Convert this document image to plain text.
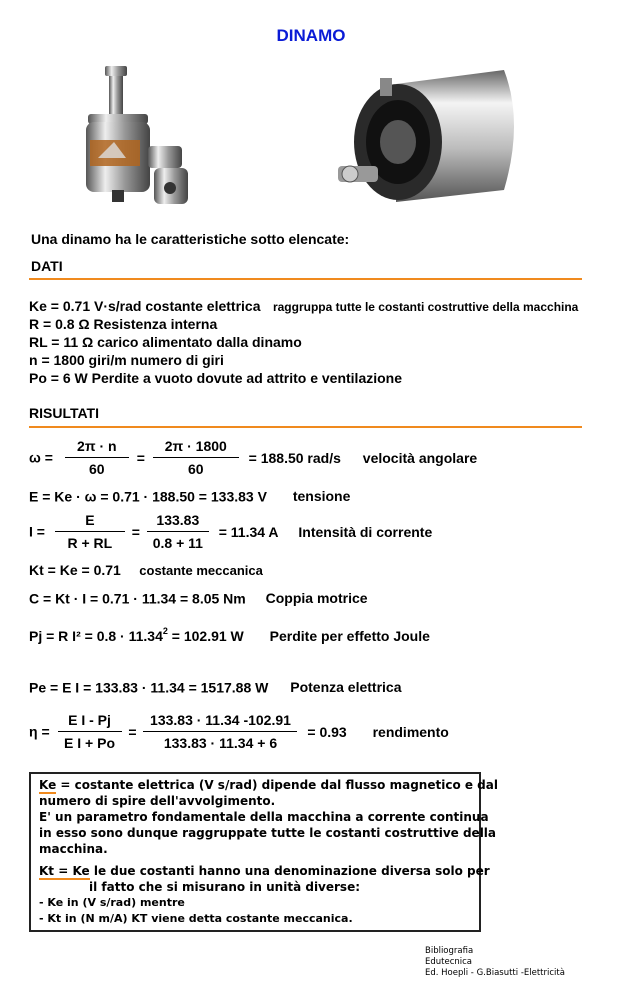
DINAMO
Una dinamo ha le caratteristiche sotto elencate:
DATI
Ke = 0.71 V·s/rad costante elettrica raggruppa tutte le costanti costruttive della macchina
R = 0.8 Ω Resistenza interna
RL = 11 Ω carico alimentato dalla dinamo
n = 1800 giri/m numero di giri
Po = 6 W Perdite a vuoto dovute ad attrito e ventilazione
RISULTATI
$\omega = \frac{2\pi \cdot n}{60} = \frac{2\pi \cdot 1800}{60} = 188.50$ rad/s velocità angolare
E = Ke · ω = 0.71 · 188.50 = 133.83 V tensione
$I = \frac{E}{R + RL} = \frac{133.83}{0.8 + 11} = 11.34$ A Intensità di corrente
Kt = Ke = 0.71 costante meccanica
C = Kt · I = 0.71 · 11.34 = 8.05 Nm Coppia motrice
Pj = R $I^2 = 0.8 \cdot 11.34^2 = 102.91$ W Perdite per effetto Joule
Pe = E I = 133.83 · 11.34 = 1517.88 W Potenza elettrica
$\eta = \frac{\text{E I - Pj}}{\text{E I + Po}} = \frac{133.83 \cdot 11.34 -102.91}{133.83 \cdot 11.34 + 6} = 0.93$ rendimento
Ke = costante elettrica (V s/rad) dipende dal flusso magnetico e dal
numero di spire dell'avvolgimento.
E' un parametro fondamentale della macchina a corrente continua
in esso sono dunque raggruppate tutte le costanti costruttive della
macchina.
Kt = Ke le due costanti hanno una denominazione diversa solo per
il fatto che si misurano in unità diverse:
- Ke in (V s/rad) mentre
- Kt in (N m/A) KT viene detta costante meccanica.
Bibliografia
Edutecnica
Ed. Hoepli - G.Biasutti -Elettricità
